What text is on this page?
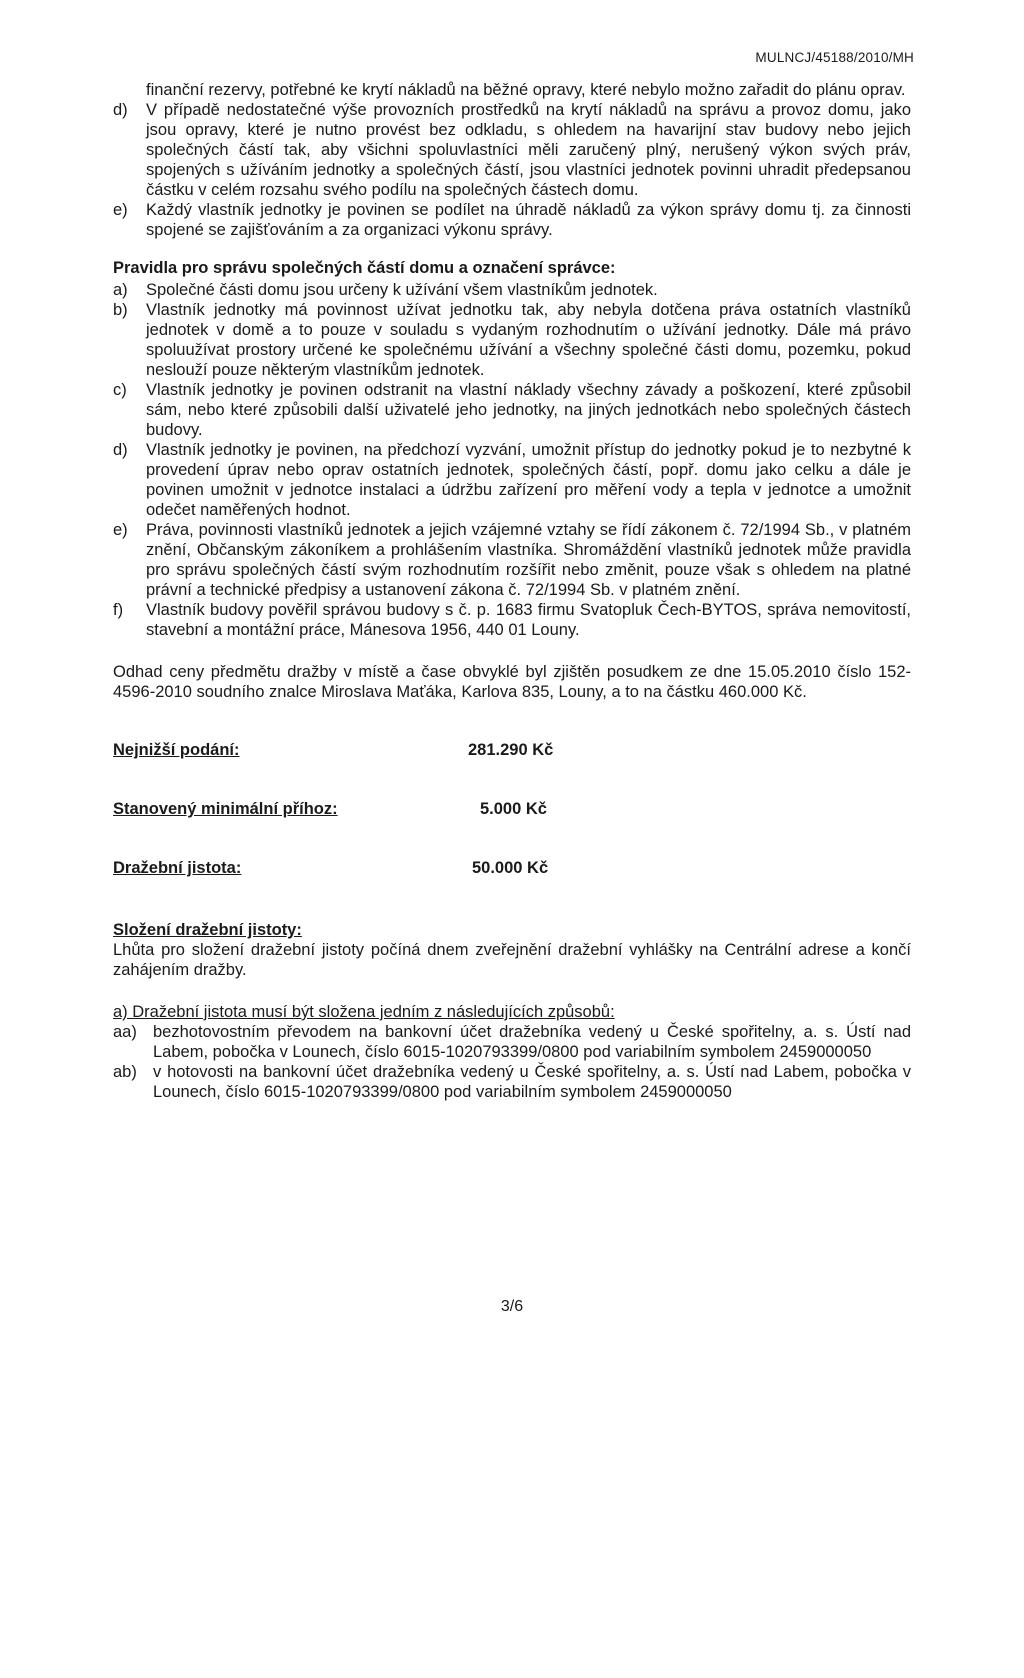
MULNCJ/45188/2010/MH
finanční rezervy, potřebné ke krytí nákladů na běžné opravy, které nebylo možno zařadit do plánu oprav.
d)	V případě nedostatečné výše provozních prostředků na krytí nákladů na správu a provoz domu, jako jsou opravy, které je nutno provést bez odkladu, s ohledem na havarijní stav budovy nebo jejich společných částí tak, aby všichni spoluvlastníci měli zaručený plný, nerušený výkon svých práv, spojených s užíváním jednotky a společných částí, jsou vlastníci jednotek povinni uhradit předepsanou částku v celém rozsahu svého podílu na společných částech domu.
e)	Každý vlastník jednotky je povinen se podílet na úhradě nákladů za výkon správy domu tj. za činnosti spojené se zajišťováním a za organizaci výkonu správy.
Pravidla pro správu společných částí domu a označení správce:
a)	Společné části domu jsou určeny k užívání všem vlastníkům jednotek.
b)	Vlastník jednotky má povinnost užívat jednotku tak, aby nebyla dotčena práva ostatních vlastníků jednotek v domě a to pouze v souladu s vydaným rozhodnutím o užívání jednotky. Dále má právo spoluužívat prostory určené ke společnému užívání a všechny společné části domu, pozemku, pokud neslouží pouze některým vlastníkům jednotek.
c)	Vlastník jednotky je povinen odstranit na vlastní náklady všechny závady a poškození, které způsobil sám, nebo které způsobili další uživatelé jeho jednotky, na jiných jednotkách nebo společných částech budovy.
d)	Vlastník jednotky je povinen, na předchozí vyzvání, umožnit přístup do jednotky pokud je to nezbytné k provedení úprav nebo oprav ostatních jednotek, společných částí, popř. domu jako celku a dále je povinen umožnit v jednotce instalaci a údržbu zařízení pro měření vody a tepla v jednotce a umožnit odečet naměřených hodnot.
e)	Práva, povinnosti vlastníků jednotek a jejich vzájemné vztahy se řídí zákonem č. 72/1994 Sb., v platném znění, Občanským zákoníkem a prohlášením vlastníka. Shromáždění vlastníků jednotek může pravidla pro správu společných částí svým rozhodnutím rozšířit nebo změnit, pouze však s ohledem na platné právní a technické předpisy a ustanovení zákona č. 72/1994 Sb. v platném znění.
f)	Vlastník budovy pověřil správou budovy s č. p. 1683 firmu Svatopluk Čech-BYTOS, správa nemovitostí, stavební a montážní práce, Mánesova 1956, 440 01 Louny.
Odhad ceny předmětu dražby v místě a čase obvyklé byl zjištěn posudkem ze dne 15.05.2010 číslo 152-4596-2010 soudního znalce Miroslava Maťáka, Karlova 835, Louny, a to na částku 460.000 Kč.
Nejnižší podání:	281.290 Kč
Stanovený minimální příhoz:	5.000 Kč
Dražební jistota:	50.000 Kč
Složení dražební jistoty:
Lhůta pro složení dražební jistoty počíná dnem zveřejnění dražební vyhlášky na Centrální adrese a končí zahájením dražby.
a) Dražební jistota musí být složena jedním z následujících způsobů:
aa) bezhotovostním převodem na bankovní účet dražebníka vedený u České spořitelny, a. s. Ústí nad Labem, pobočka v Lounech, číslo 6015-1020793399/0800 pod variabilním symbolem 2459000050
ab) v hotovosti na bankovní účet dražebníka vedený u České spořitelny, a. s. Ústí nad Labem, pobočka v Lounech, číslo 6015-1020793399/0800 pod variabilním symbolem 2459000050
3/6
